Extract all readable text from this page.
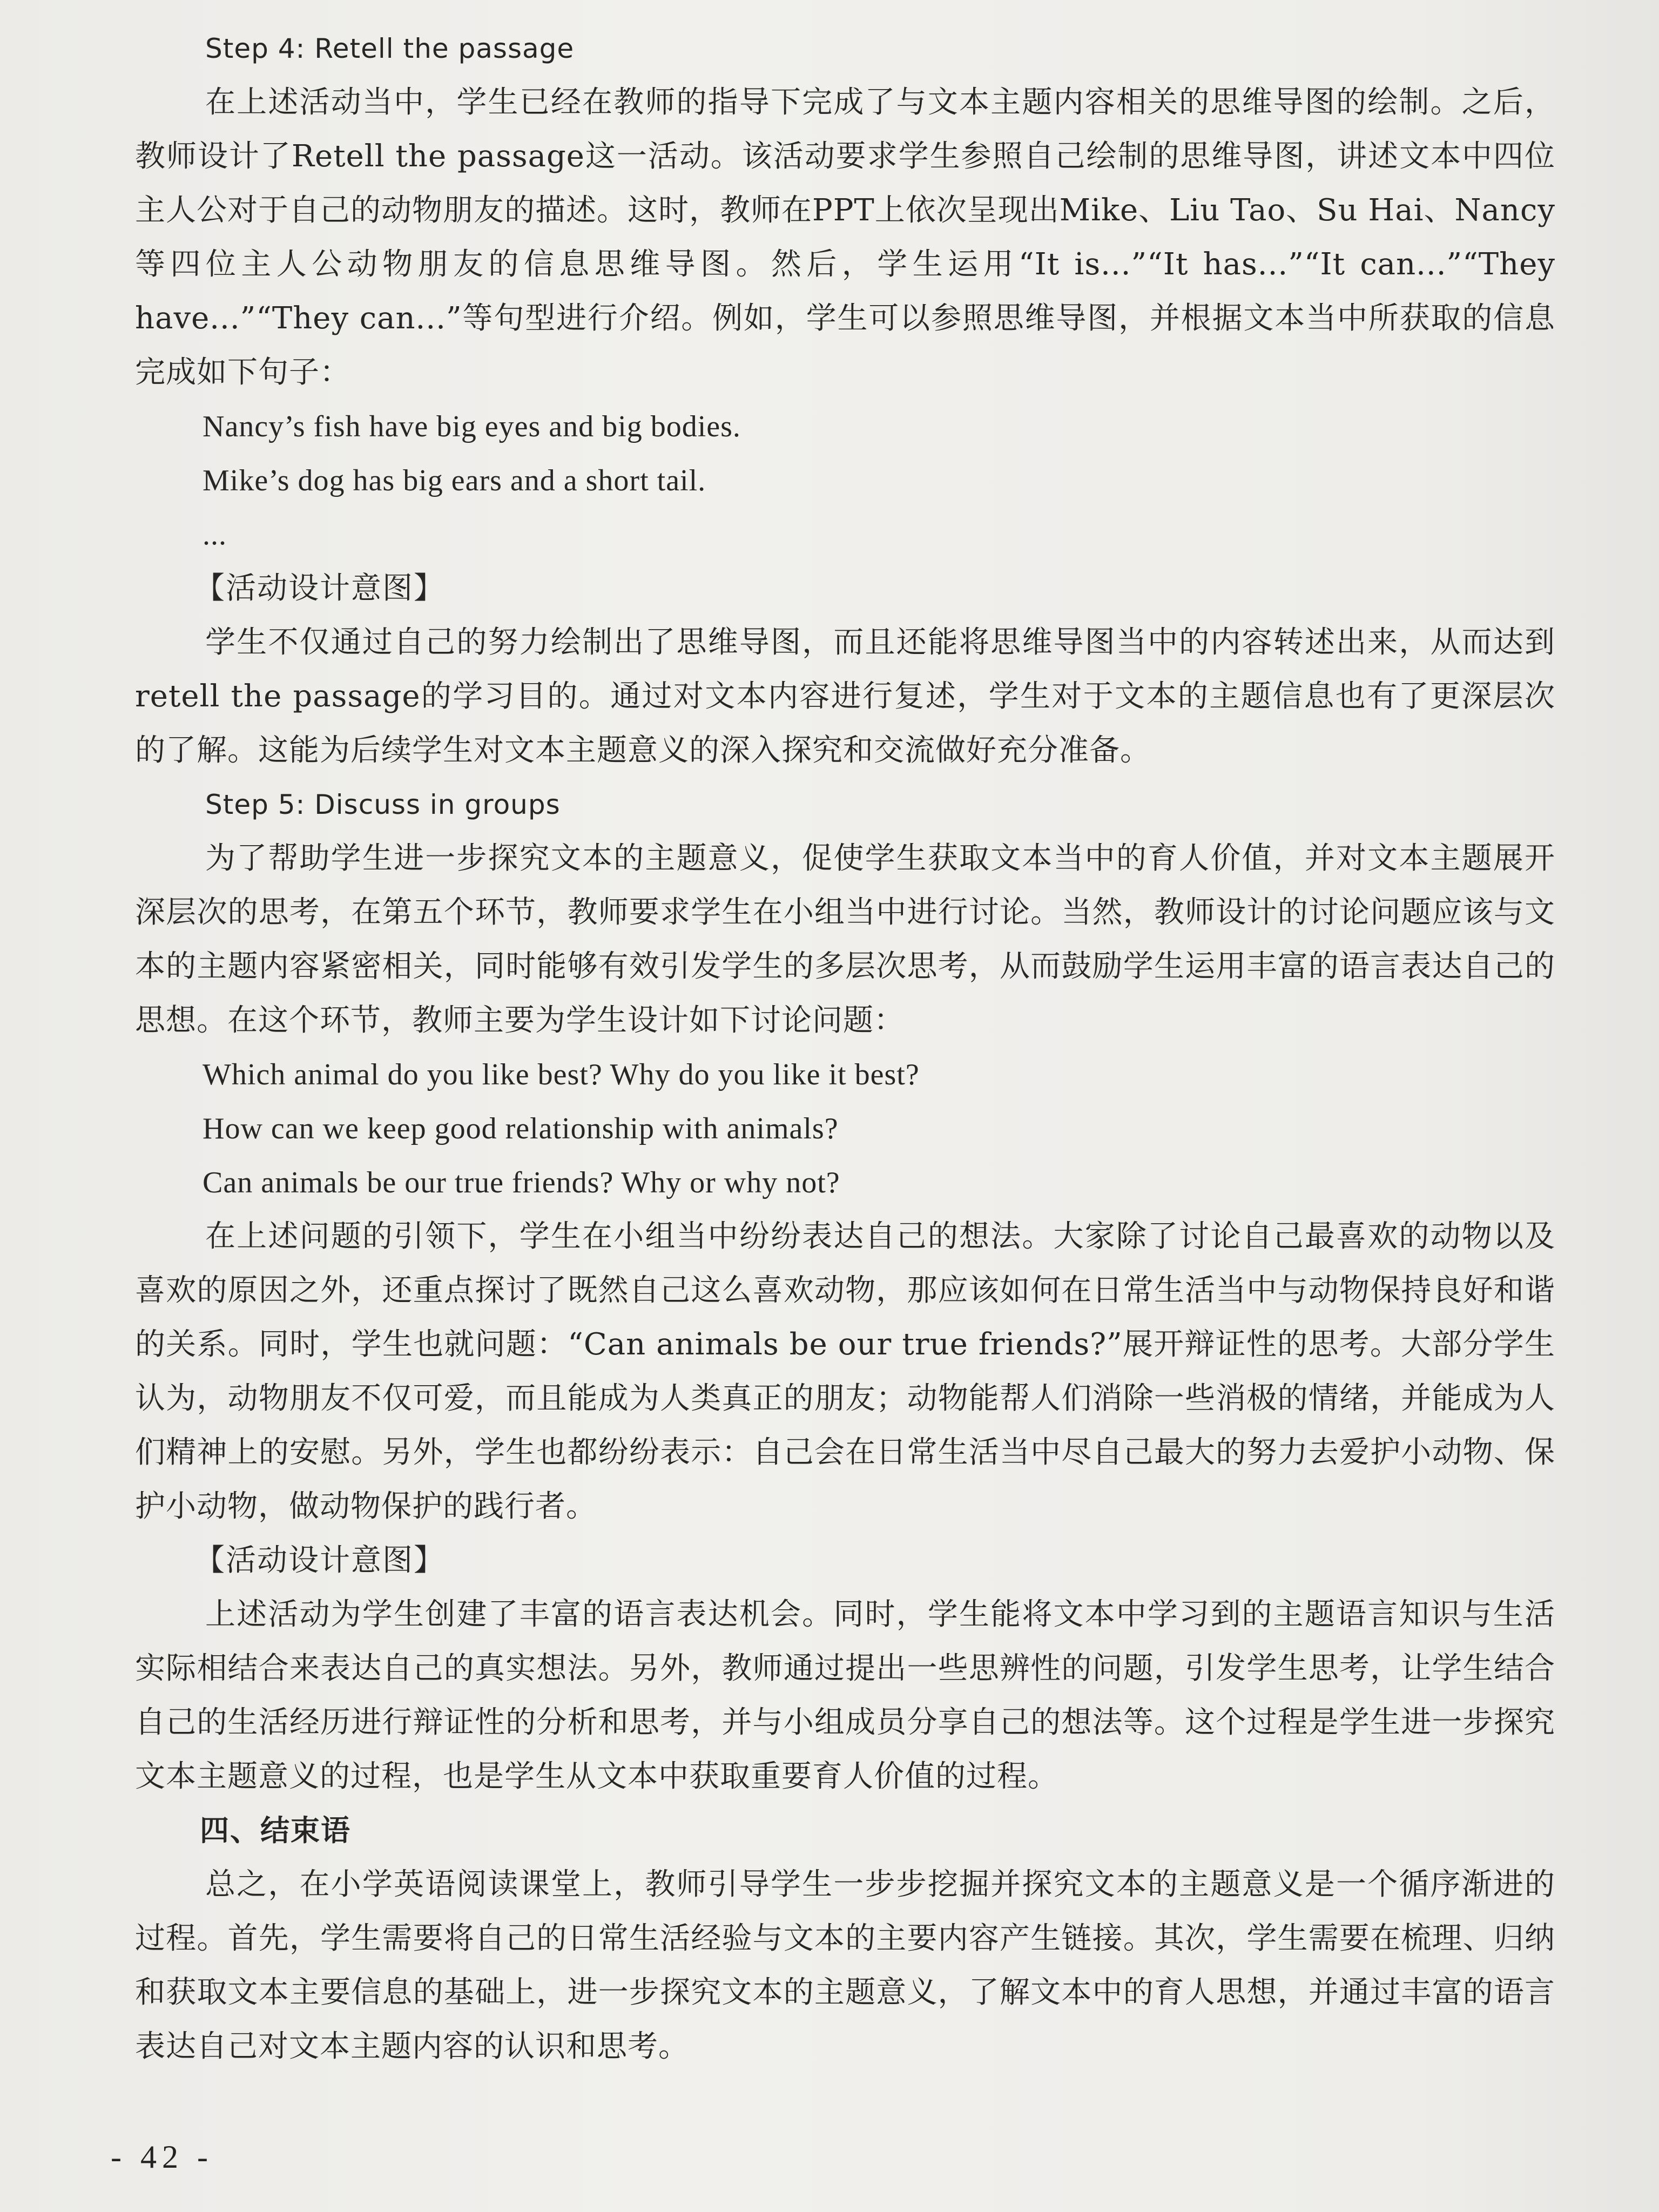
Step 4: Retell the passage

在上述活动当中，学生已经在教师的指导下完成了与文本主题内容相关的思维导图的绘制。之后，教师设计了Retell the passage这一活动。该活动要求学生参照自己绘制的思维导图，讲述文本中四位主人公对于自己的动物朋友的描述。这时，教师在PPT上依次呈现出Mike、Liu Tao、Su Hai、Nancy等四位主人公动物朋友的信息思维导图。然后，学生运用“It is...”“It has...”“It can...”“They have...”“They can...”等句型进行介绍。例如，学生可以参照思维导图，并根据文本当中所获取的信息完成如下句子：

Nancy’s fish have big eyes and big bodies.

Mike’s dog has big ears and a short tail.

...

【活动设计意图】

学生不仅通过自己的努力绘制出了思维导图，而且还能将思维导图当中的内容转述出来，从而达到retell the passage的学习目的。通过对文本内容进行复述，学生对于文本的主题信息也有了更深层次的了解。这能为后续学生对文本主题意义的深入探究和交流做好充分准备。

Step 5: Discuss in groups

为了帮助学生进一步探究文本的主题意义，促使学生获取文本当中的育人价值，并对文本主题展开深层次的思考，在第五个环节，教师要求学生在小组当中进行讨论。当然，教师设计的讨论问题应该与文本的主题内容紧密相关，同时能够有效引发学生的多层次思考，从而鼓励学生运用丰富的语言表达自己的思想。在这个环节，教师主要为学生设计如下讨论问题：

Which animal do you like best? Why do you like it best?

How can we keep good relationship with animals?

Can animals be our true friends? Why or why not?

在上述问题的引领下，学生在小组当中纷纷表达自己的想法。大家除了讨论自己最喜欢的动物以及喜欢的原因之外，还重点探讨了既然自己这么喜欢动物，那应该如何在日常生活当中与动物保持良好和谐的关系。同时，学生也就问题：“Can animals be our true friends?”展开辩证性的思考。大部分学生认为，动物朋友不仅可爱，而且能成为人类真正的朋友；动物能帮人们消除一些消极的情绪，并能成为人们精神上的安慰。另外，学生也都纷纷表示：自己会在日常生活当中尽自己最大的努力去爱护小动物、保护小动物，做动物保护的践行者。

【活动设计意图】

上述活动为学生创建了丰富的语言表达机会。同时，学生能将文本中学习到的主题语言知识与生活实际相结合来表达自己的真实想法。另外，教师通过提出一些思辨性的问题，引发学生思考，让学生结合自己的生活经历进行辩证性的分析和思考，并与小组成员分享自己的想法等。这个过程是学生进一步探究文本主题意义的过程，也是学生从文本中获取重要育人价值的过程。

四、结束语

总之，在小学英语阅读课堂上，教师引导学生一步步挖掘并探究文本的主题意义是一个循序渐进的过程。首先，学生需要将自己的日常生活经验与文本的主要内容产生链接。其次，学生需要在梳理、归纳和获取文本主要信息的基础上，进一步探究文本的主题意义，了解文本中的育人思想，并通过丰富的语言表达自己对文本主题内容的认识和思考。

- 42 -
